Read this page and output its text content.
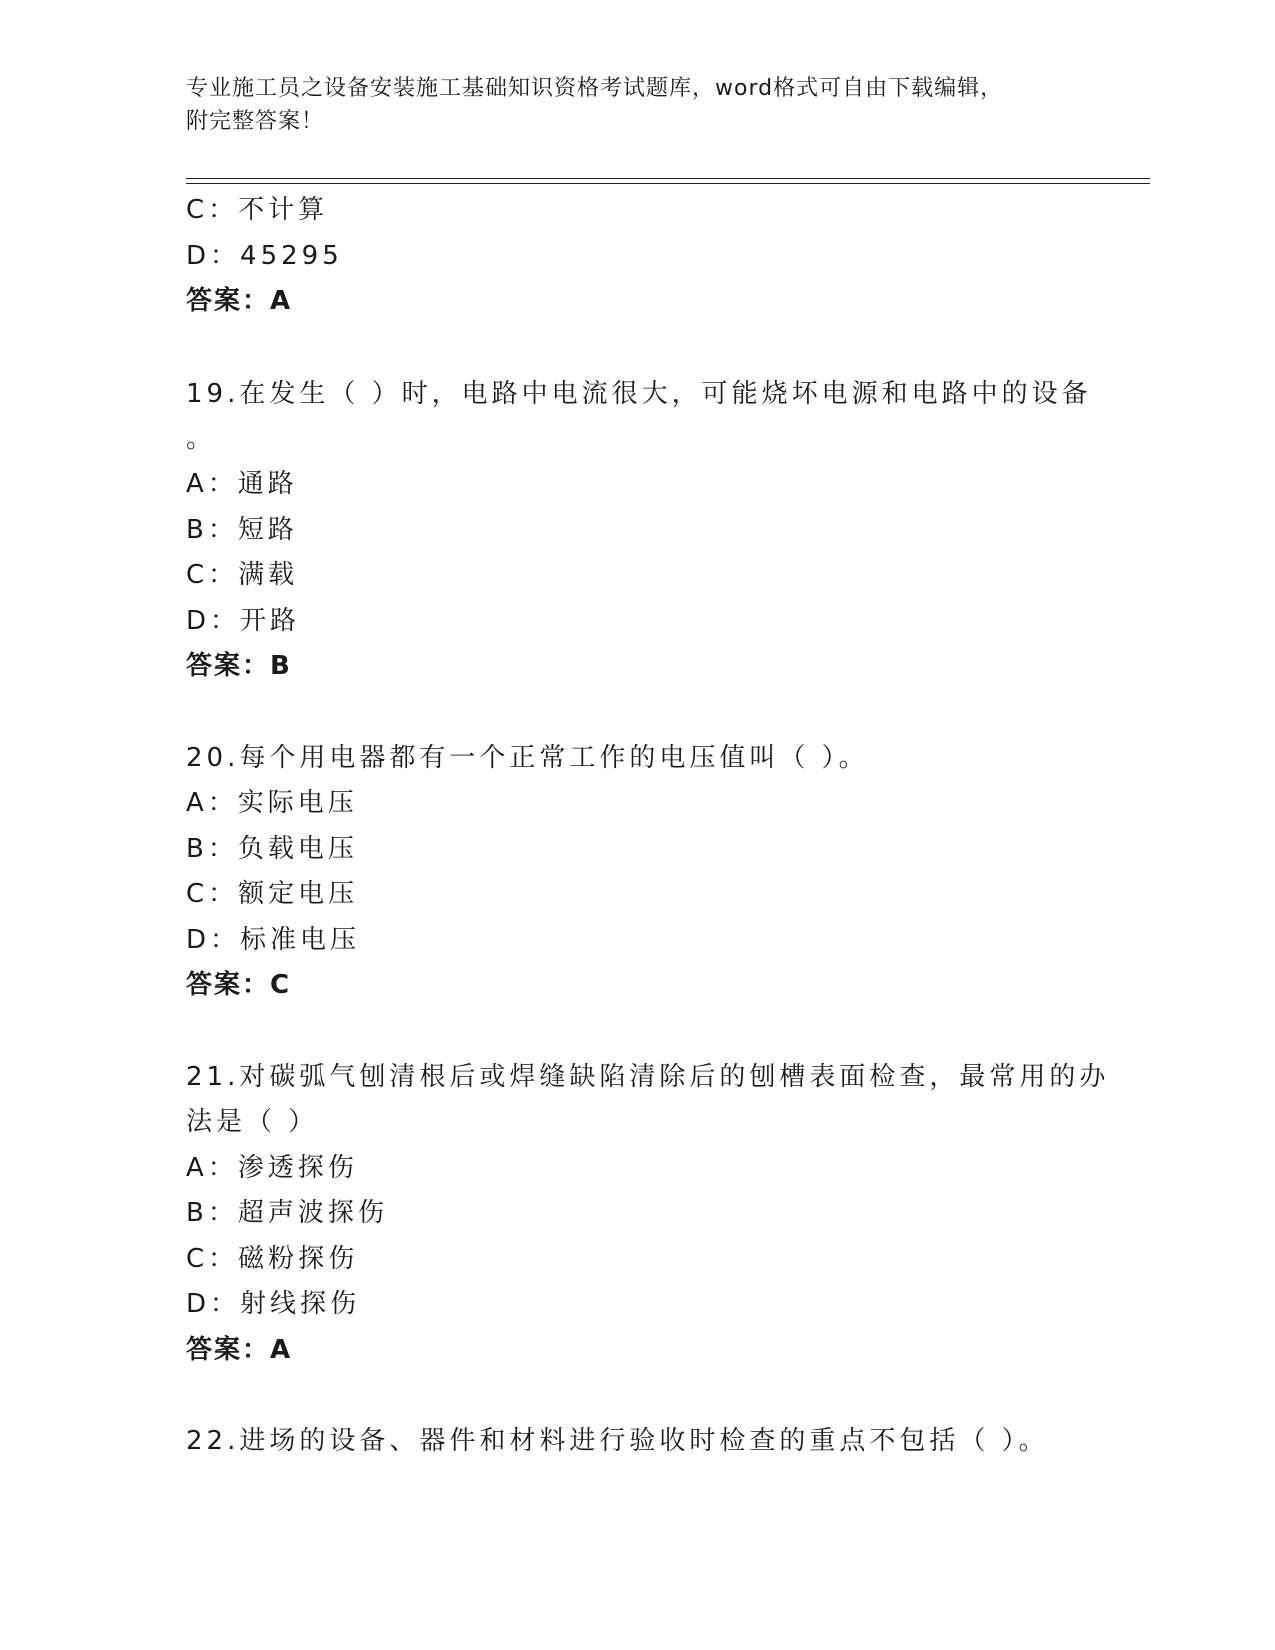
专业施工员之设备安装施工基础知识资格考试题库，word格式可自由下载编辑，
附完整答案！
C：不计算
D：45295
答案：A
19.在发生（ ）时，电路中电流很大，可能烧坏电源和电路中的设备
。
A：通路
B：短路
C：满载
D：开路
答案：B
20.每个用电器都有一个正常工作的电压值叫（ ）。
A：实际电压
B：负载电压
C：额定电压
D：标准电压
答案：C
21.对碳弧气刨清根后或焊缝缺陷清除后的刨槽表面检查，最常用的办
法是（ ）
A：渗透探伤
B：超声波探伤
C：磁粉探伤
D：射线探伤
答案：A
22.进场的设备、器件和材料进行验收时检查的重点不包括（ ）。
